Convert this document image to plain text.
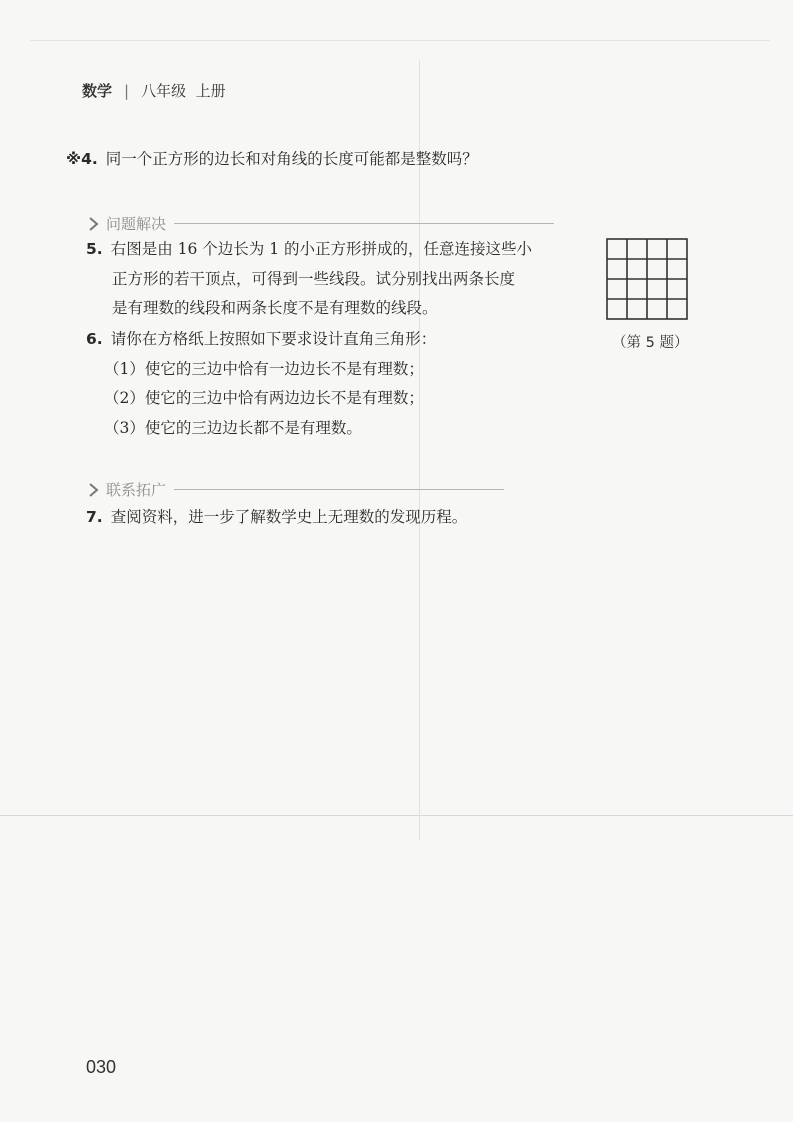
数学 | 八年级 上册
※4. 同一个正方形的边长和对角线的长度可能都是整数吗？
问题解决
5. 右图是由 16 个边长为 1 的小正方形拼成的，任意连接这些小
正方形的若干顶点，可得到一些线段。试分别找出两条长度
是有理数的线段和两条长度不是有理数的线段。
（第 5 题）
6. 请你在方格纸上按照如下要求设计直角三角形：
（1）使它的三边中恰有一边边长不是有理数；
（2）使它的三边中恰有两边边长不是有理数；
（3）使它的三边边长都不是有理数。
联系拓广
7. 查阅资料，进一步了解数学史上无理数的发现历程。
030
